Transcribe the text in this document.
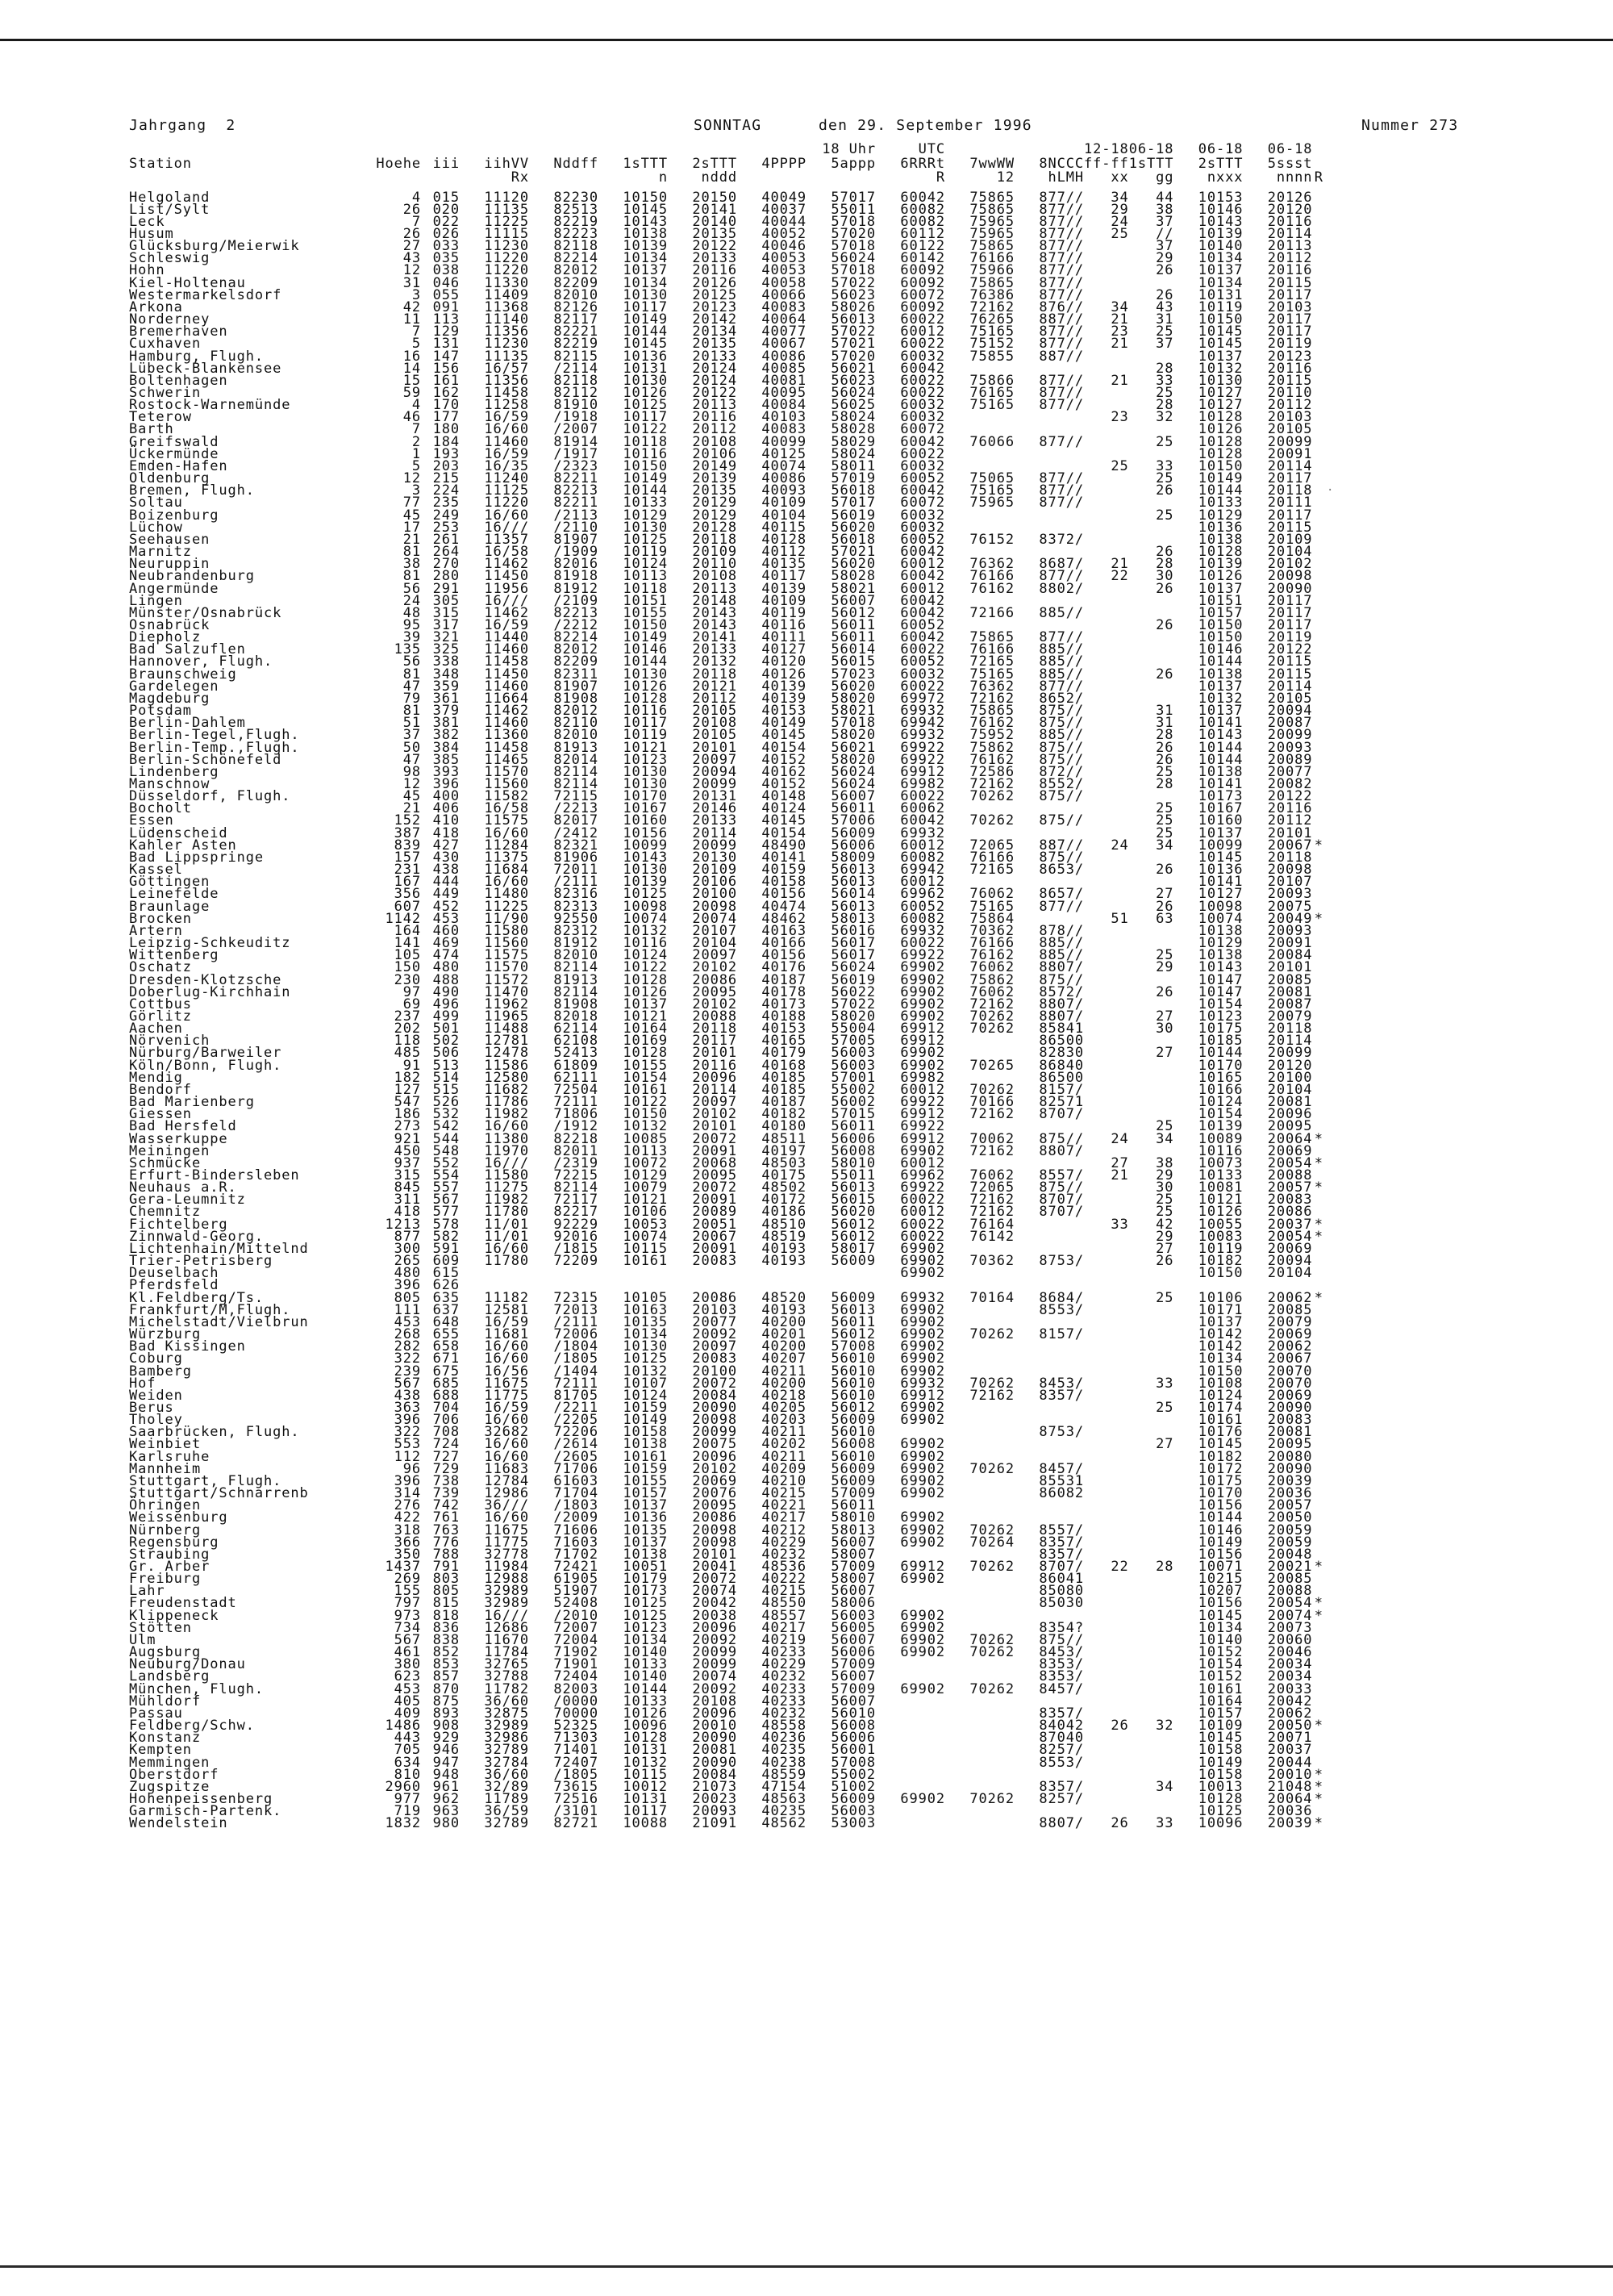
Jahrgang  2	SONNTAG	den 29. September 1996	Nummer 273
								18 Uhr	UTC			12-18	06-18	06-18	06-18		
Station	Hoehe	iii	iihVV	Nddff	1sTTT	2sTTT	4PPPP	5appp	6RRRt	7wwWW	8NCCC	ff-ff	1sTTT	2sTTT	5ssst		
			Rx		n	nddd			R	12	hLMH	xx	gg	nxxx	nnnn	R	

Helgoland	4	015	11120	82230	10150	20150	40049	57017	60042	75865	877//	34	44	10153	20126		
List/Sylt	26	020	11135	82513	10145	20141	40037	55011	60082	75865	877//	29	38	10146	20120		
Leck	7	022	11225	82219	10143	20140	40044	57018	60082	75965	877//	24	37	10143	20116		
Husum	26	026	11115	82223	10138	20135	40052	57020	60112	75965	877//	25	//	10139	20114		
Glücksburg/Meierwik	27	033	11230	82118	10139	20122	40046	57018	60122	75865	877//		37	10140	20113		
Schleswig	43	035	11220	82214	10134	20133	40053	56024	60142	76166	877//		29	10134	20112		
Hohn	12	038	11220	82012	10137	20116	40053	57018	60092	75966	877//		26	10137	20116		
Kiel-Holtenau	31	046	11330	82209	10134	20126	40058	57022	60092	75865	877//			10134	20115		
Westermarkelsdorf	3	055	11409	82010	10130	20125	40066	56023	60072	76386	877//		26	10131	20117		
Arkona	42	091	11368	82126	10117	20123	40083	58026	60092	72162	876//	34	43	10119	20103		
Norderney	11	113	11140	82117	10149	20142	40064	56013	60022	76265	887//	21	31	10150	20117		
Bremerhaven	7	129	11356	82221	10144	20134	40077	57022	60012	75165	877//	23	25	10145	20117		
Cuxhaven	5	131	11230	82219	10145	20135	40067	57021	60022	75152	877//	21	37	10145	20119		
Hamburg, Flugh.	16	147	11135	82115	10136	20133	40086	57020	60032	75855	887//			10137	20123		
Lübeck-Blankensee	14	156	16/57	/2114	10131	20124	40085	56021	60042				28	10132	20116		
Boltenhagen	15	161	11356	82118	10130	20124	40081	56023	60022	75866	877//	21	33	10130	20115		
Schwerin	59	162	11458	82112	10126	20122	40095	56024	60022	76165	877//		25	10127	20110		
Rostock-Warnemünde	4	170	11258	81910	10125	20113	40084	56025	60032	75165	877//		28	10127	20112		
Teterow	46	177	16/59	/1918	10117	20116	40103	58024	60032			23	32	10128	20103		
Barth	7	180	16/60	/2007	10122	20112	40083	58028	60072					10126	20105		
Greifswald	2	184	11460	81914	10118	20108	40099	58029	60042	76066	877//		25	10128	20099		
Ückermünde	1	193	16/59	/1917	10116	20106	40125	58024	60022					10128	20091		
Emden-Hafen	5	203	16/35	/2323	10150	20149	40074	58011	60032			25	33	10150	20114		
Oldenburg	12	215	11240	82211	10149	20139	40086	57019	60052	75065	877//		25	10149	20117		
Bremen, Flugh.	3	224	11125	82213	10144	20135	40093	56018	60042	75165	877//		26	10144	20118		
Soltau	77	235	11220	82211	10133	20129	40109	57017	60072	75965	877//			10133	20111		
Boizenburg	45	249	16/60	/2113	10129	20129	40104	56019	60032				25	10129	20117		
Lüchow	17	253	16///	/2110	10130	20128	40115	56020	60032					10136	20115		
Seehausen	21	261	11357	81907	10125	20118	40128	56018	60052	76152	8372/			10138	20109		
Marnitz	81	264	16/58	/1909	10119	20109	40112	57021	60042				26	10128	20104		
Neuruppin	38	270	11462	82016	10124	20110	40135	56020	60012	76362	8687/	21	28	10139	20102		
Neubrandenburg	81	280	11450	81918	10113	20108	40117	58028	60042	76166	877//	22	30	10126	20098		
Angermünde	56	291	11956	81912	10118	20113	40139	58021	60012	76162	8802/		26	10137	20090		
Lingen	24	305	16///	/2109	10151	20148	40109	56007	60042					10151	20117		
Münster/Osnabrück	48	315	11462	82213	10155	20143	40119	56012	60042	72166	885//			10157	20117		
Osnabrück	95	317	16/59	/2212	10150	20143	40116	56011	60052				26	10150	20117		
Diepholz	39	321	11440	82214	10149	20141	40111	56011	60042	75865	877//			10150	20119		
Bad Salzuflen	135	325	11460	82012	10146	20133	40127	56014	60022	76166	885//			10146	20122		
Hannover, Flugh.	56	338	11458	82209	10144	20132	40120	56015	60052	72165	885//			10144	20115		
Braunschweig	81	348	11450	82311	10130	20118	40126	57023	60032	75165	885//		26	10138	20115		
Gardelegen	47	359	11460	81907	10126	20121	40139	56020	60022	76362	877//			10137	20114		
Magdeburg	79	361	11664	81908	10128	20112	40139	58020	69972	72162	8652/			10132	20105		
Potsdam	81	379	11462	82012	10116	20105	40153	58021	69932	75865	875//		31	10137	20094		
Berlin-Dahlem	51	381	11460	82110	10117	20108	40149	57018	69942	76162	875//		31	10141	20087		
Berlin-Tegel,Flugh.	37	382	11360	82010	10119	20105	40145	58020	69932	75952	885//		28	10143	20099		
Berlin-Temp.,Flugh.	50	384	11458	81913	10121	20101	40154	56021	69922	75862	875//		26	10144	20093		
Berlin-Schönefeld	47	385	11465	82014	10123	20097	40152	58020	69922	76162	875//		26	10144	20089		
Lindenberg	98	393	11570	82114	10130	20094	40162	56024	69912	72586	872//		25	10138	20077		
Manschnow	12	396	11560	82114	10130	20099	40152	56024	69982	72162	8552/		28	10141	20082		
Düsseldorf, Flugh.	45	400	11582	72115	10170	20131	40148	56007	60022	70262	875//			10173	20122		
Bocholt	21	406	16/58	/2213	10167	20146	40124	56011	60062				25	10167	20116		
Essen	152	410	11575	82017	10160	20133	40145	57006	60042	70262	875//		25	10160	20112		
Lüdenscheid	387	418	16/60	/2412	10156	20114	40154	56009	69932				25	10137	20101		
Kahler Asten	839	427	11284	82321	10099	20099	48490	56006	60012	72065	887//	24	34	10099	20067	*	
Bad Lippspringe	157	430	11375	81906	10143	20130	40141	58009	60082	76166	875//			10145	20118		
Kassel	231	438	11684	72011	10130	20109	40159	56013	69942	72165	8653/		26	10136	20098		
Göttingen	167	444	16/60	/2111	10139	20106	40158	56013	60012					10141	20107		
Leinefelde	356	449	11480	82316	10125	20100	40156	56014	69962	76062	8657/		27	10127	20093		
Braunlage	607	452	11225	82313	10098	20098	40474	56013	60052	75165	877//		26	10098	20075		
Brocken	1142	453	11/90	92550	10074	20074	48462	58013	60082	75864		51	63	10074	20049	*	
Artern	164	460	11580	82312	10132	20107	40163	56016	69932	70362	878//			10138	20093		
Leipzig-Schkeuditz	141	469	11560	81912	10116	20104	40166	56017	60022	76166	885//			10129	20091		
Wittenberg	105	474	11575	82010	10124	20097	40156	56017	69922	76162	885//		25	10138	20084		
Oschatz	150	480	11570	82114	10122	20102	40176	56024	69902	76062	8807/		29	10143	20101		
Dresden-Klotzsche	230	488	11572	81913	10128	20086	40187	56019	69902	75862	875//			10147	20085		
Doberlug-Kirchhain	97	490	11470	82114	10126	20095	40178	56022	69902	76062	8572/		26	10147	20081		
Cottbus	69	496	11962	81908	10137	20102	40173	57022	69902	72162	8807/			10154	20087		
Görlitz	237	499	11965	82018	10121	20088	40188	58020	69902	70262	8807/		27	10123	20079		
Aachen	202	501	11488	62114	10164	20118	40153	55004	69912	70262	85841		30	10175	20118		
Nörvenich	118	502	12781	62108	10169	20117	40165	57005	69912		86500			10185	20114		
Nürburg/Barweiler	485	506	12478	52413	10128	20101	40179	56003	69902		82830		27	10144	20099		
Köln/Bonn, Flugh.	91	513	11586	61809	10155	20116	40168	56003	69902	70265	86840			10170	20120		
Mendig	182	514	12580	62111	10154	20096	40185	57001	69982		86500			10165	20100		
Bendorf	127	515	11682	72504	10161	20114	40185	55002	60012	70262	8157/			10166	20104		
Bad Marienberg	547	526	11786	72111	10122	20097	40187	56002	69922	70166	82571			10124	20081		
Giessen	186	532	11982	71806	10150	20102	40182	57015	69912	72162	8707/			10154	20096		
Bad Hersfeld	273	542	16/60	/1912	10132	20101	40180	56011	69922				25	10139	20095		
Wasserkuppe	921	544	11380	82218	10085	20072	48511	56006	69912	70062	875//	24	34	10089	20064	*	
Meiningen	450	548	11970	82011	10113	20091	40197	56008	69902	72162	8807/			10116	20069		
Schmücke	937	552	16///	/2319	10072	20068	48503	58010	60012			27	38	10073	20054	*	
Erfurt-Bindersleben	315	554	11580	72215	10129	20095	40175	55011	69962	76062	8557/	21	29	10133	20088		
Neuhaus a.R.	845	557	11275	82114	10079	20072	48502	56013	69922	72065	875//		30	10081	20057	*	
Gera-Leumnitz	311	567	11982	72117	10121	20091	40172	56015	60022	72162	8707/		25	10121	20083		
Chemnitz	418	577	11780	82217	10106	20089	40186	56020	60012	72162	8707/		25	10126	20086		
Fichtelberg	1213	578	11/01	92229	10053	20051	48510	56012	60022	76164		33	42	10055	20037	*	
Zinnwald-Georg.	877	582	11/01	92016	10074	20067	48519	56012	60022	76142			29	10083	20054	*	
Lichtenhain/Mittelnd	300	591	16/60	/1815	10115	20091	40193	58017	69902				27	10119	20069		
Trier-Petrisberg	265	609	11780	72209	10161	20083	40193	56009	69902	70362	8753/		26	10182	20094		
Deuselbach	480	615							69902					10150	20104		
Pferdsfeld	396	626															
Kl.Feldberg/Ts.	805	635	11182	72315	10105	20086	48520	56009	69932	70164	8684/		25	10106	20062	*	
Frankfurt/M,Flugh.	111	637	12581	72013	10163	20103	40193	56013	69902		8553/			10171	20085		
Michelstadt/Vielbrun	453	648	16/59	/2111	10135	20077	40200	56011	69902					10137	20079		
Würzburg	268	655	11681	72006	10134	20092	40201	56012	69902	70262	8157/			10142	20069		
Bad Kissingen	282	658	16/60	/1804	10130	20097	40200	57008	69902					10142	20062		
Coburg	322	671	16/60	/1805	10125	20083	40207	56010	69902					10134	20067		
Bamberg	239	675	16/56	/1404	10132	20100	40211	56010	69902					10150	20070		
Hof	567	685	11675	72111	10107	20072	40200	56010	69932	70262	8453/		33	10108	20070		
Weiden	438	688	11775	81705	10124	20084	40218	56010	69912	72162	8357/			10124	20069		
Berus	363	704	16/59	/2211	10159	20090	40205	56012	69902				25	10174	20090		
Tholey	396	706	16/60	/2205	10149	20098	40203	56009	69902					10161	20083		
Saarbrücken, Flugh.	322	708	32682	72206	10158	20099	40211	56010			8753/			10176	20081		
Weinbiet	553	724	16/60	/2614	10138	20075	40202	56008	69902				27	10145	20095		
Karlsruhe	112	727	16/60	/2605	10161	20096	40211	56010	69902					10182	20080		
Mannheim	96	729	11683	71706	10159	20102	40209	56009	69902	70262	8457/			10172	20090		
Stuttgart, Flugh.	396	738	12784	61603	10155	20069	40210	56009	69902		85531			10175	20039		
Stuttgart/Schnarrenb	314	739	12986	71704	10157	20076	40215	57009	69902		86082			10170	20036		
Öhringen	276	742	36///	/1803	10137	20095	40221	56011						10156	20057		
Weissenburg	422	761	16/60	/2009	10136	20086	40217	58010	69902					10144	20050		
Nürnberg	318	763	11675	71606	10135	20098	40212	58013	69902	70262	8557/			10146	20059		
Regensburg	366	776	11775	71603	10137	20098	40229	56007	69902	70264	8357/			10149	20059		
Straubing	350	788	32778	71702	10138	20101	40232	58007			8357/			10156	20048		
Gr. Arber	1437	791	11984	72421	10051	20041	48536	57009	69912	70262	8707/	22	28	10071	20021	*	
Freiburg	269	803	12988	61905	10179	20072	40222	58007	69902		86041			10215	20085		
Lahr	155	805	32989	51907	10173	20074	40215	56007			85080			10207	20088		
Freudenstadt	797	815	32989	52408	10125	20042	48550	58006			85030			10156	20054	*	
Klippeneck	973	818	16///	/2010	10125	20038	48557	56003	69902					10145	20074	*	
Stötten	734	836	12686	72007	10123	20096	40217	56005	69902		8354?			10134	20073		
Ulm	567	838	11670	72004	10134	20092	40219	56007	69902	70262	875//			10140	20060		
Augsburg	461	852	11784	71902	10140	20099	40233	56006	69902	70262	8453/			10152	20046		
Neuburg/Donau	380	853	32765	71901	10133	20099	40229	57009			8353/			10154	20034		
Landsberg	623	857	32788	72404	10140	20074	40232	56007			8353/			10152	20034		
München, Flugh.	453	870	11782	82003	10144	20092	40233	57009	69902	70262	8457/			10161	20033		
Mühldorf	405	875	36/60	/0000	10133	20108	40233	56007						10164	20042		
Passau	409	893	32875	70000	10126	20096	40232	56010			8357/			10157	20062		
Feldberg/Schw.	1486	908	32989	52325	10096	20010	48558	56008			84042	26	32	10109	20050	*	
Konstanz	443	929	32986	71303	10128	20090	40236	56006			87040			10145	20071		
Kempten	705	946	32789	71401	10131	20081	40235	56001			8257/			10158	20037		
Memmingen	634	947	32784	72407	10132	20090	40238	57008			8553/			10149	20044		
Oberstdorf	810	948	36/60	/1805	10115	20084	48559	55002						10158	20010	*	
Zugspitze	2960	961	32/89	73615	10012	21073	47154	51002			8357/		34	10013	21048	*	
Hohenpeissenberg	977	962	11789	72516	10131	20023	48563	56009	69902	70262	8257/			10128	20064	*	
Garmisch-Partenk.	719	963	36/59	/3101	10117	20093	40235	56003						10125	20036		
Wendelstein	1832	980	32789	82721	10088	21091	48562	53003			8807/	26	33	10096	20039	*	
·
